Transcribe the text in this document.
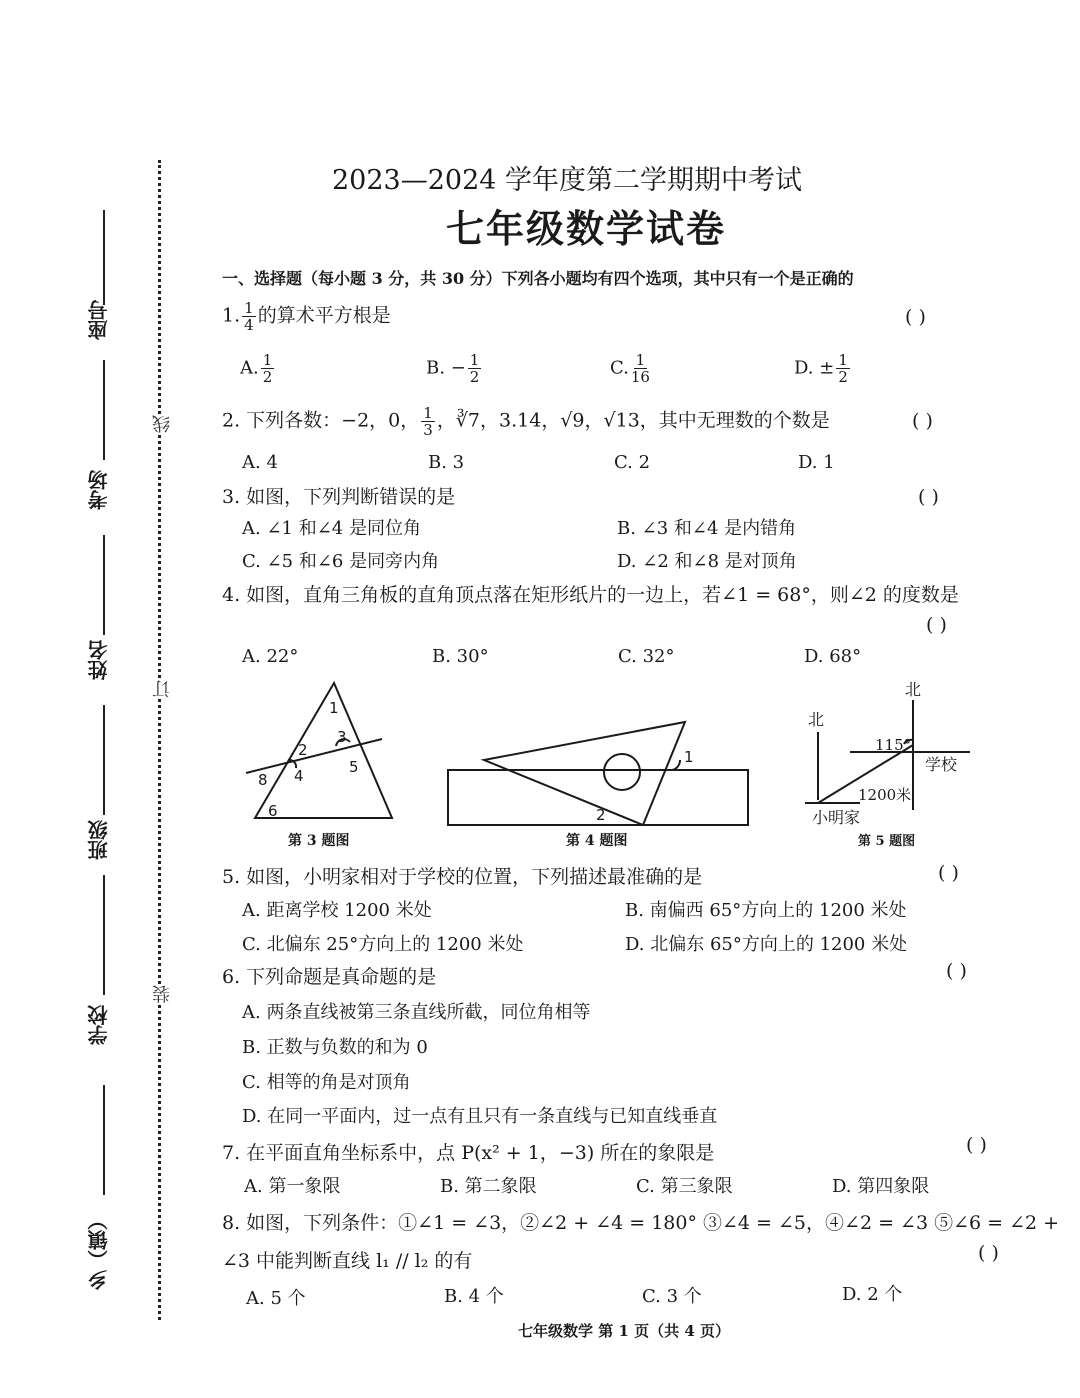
座号
考场
姓名
班级
学校
乡（镇）
线
订
装
2023—2024 学年度第二学期期中考试
七年级数学试卷
一、选择题（每小题 3 分，共 30 分）下列各小题均有四个选项，其中只有一个是正确的
1. $\frac{1}{4}$ 的算术平方根是	( )
A. $\frac{1}{2}$	B. − $\frac{1}{2}$	C. $\frac{1}{16}$	D. ± $\frac{1}{2}$
2. 下列各数：−2，0， $\frac{1}{3}$ ，∛7，3.14，√9，√13，其中无理数的个数是	( )
A. 4	B. 3	C. 2	D. 1
3. 如图，下列判断错误的是	( )
A. ∠1 和∠4 是同位角	B. ∠3 和∠4 是内错角
C. ∠5 和∠6 是同旁内角	D. ∠2 和∠8 是对顶角
4. 如图，直角三角板的直角顶点落在矩形纸片的一边上，若∠1 = 68°，则∠2 的度数是
( )
A. 22°	B. 30°	C. 32°	D. 68°
1
2
3
4	5
6
8
第 3 题图
1
2
第 4 题图
北
北
115°
学校
1200米
小明家
第 5 题图
5. 如图，小明家相对于学校的位置，下列描述最准确的是	( )
A. 距离学校 1200 米处	B. 南偏西 65°方向上的 1200 米处
C. 北偏东 25°方向上的 1200 米处	D. 北偏东 65°方向上的 1200 米处
6. 下列命题是真命题的是	( )
A. 两条直线被第三条直线所截，同位角相等
B. 正数与负数的和为 0
C. 相等的角是对顶角
D. 在同一平面内，过一点有且只有一条直线与已知直线垂直
7. 在平面直角坐标系中，点 P(x² + 1，−3) 所在的象限是	( )
A. 第一象限	B. 第二象限	C. 第三象限	D. 第四象限
8. 如图，下列条件：①∠1 = ∠3，②∠2 + ∠4 = 180° ③∠4 = ∠5，④∠2 = ∠3 ⑤∠6 = ∠2 +
∠3 中能判断直线 l₁ // l₂ 的有	( )
A. 5 个	B. 4 个	C. 3 个	D. 2 个
七年级数学 第 1 页（共 4 页）
